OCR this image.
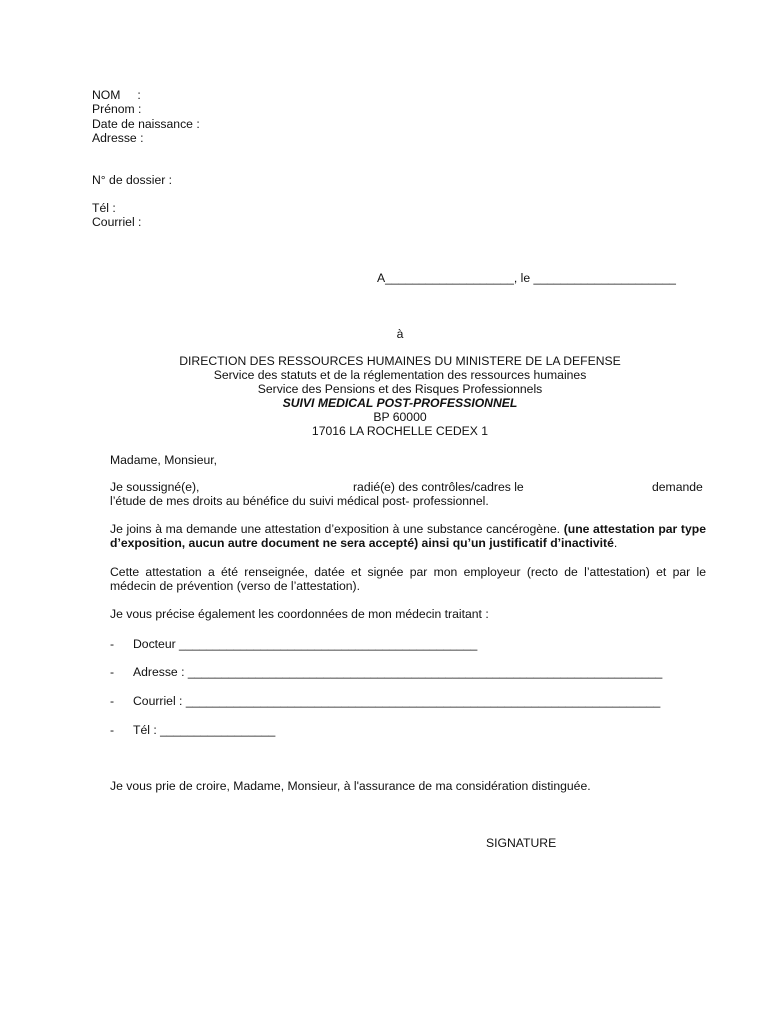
NOM     :
Prénom :
Date de naissance :
Adresse :
N° de dossier :
Tél :
Courriel :
A___________________, le _____________________
à
DIRECTION DES RESSOURCES HUMAINES DU MINISTERE DE LA DEFENSE
Service des statuts et de la réglementation des ressources humaines
Service des Pensions et des Risques Professionnels
SUIVI MEDICAL POST-PROFESSIONNEL
BP 60000
17016 LA ROCHELLE CEDEX 1
Madame, Monsieur,
Je soussigné(e),	radié(e) des contrôles/cadres le	demande
l’étude de mes droits au bénéfice du suivi médical post- professionnel.
Je joins à ma demande une attestation d’exposition à une substance cancérogène. (une attestation par type d’exposition, aucun autre document ne sera accepté) ainsi qu’un justificatif d’inactivité.
Cette attestation a été renseignée, datée et signée par mon employeur (recto de l’attestation) et par le médecin de prévention (verso de l’attestation).
Je vous précise également les coordonnées de mon médecin traitant :
- Docteur ____________________________________________
- Adresse : ______________________________________________________________________
- Courriel : ______________________________________________________________________
- Tél : _________________
Je vous prie de croire, Madame, Monsieur, à l'assurance de ma considération distinguée.
SIGNATURE
